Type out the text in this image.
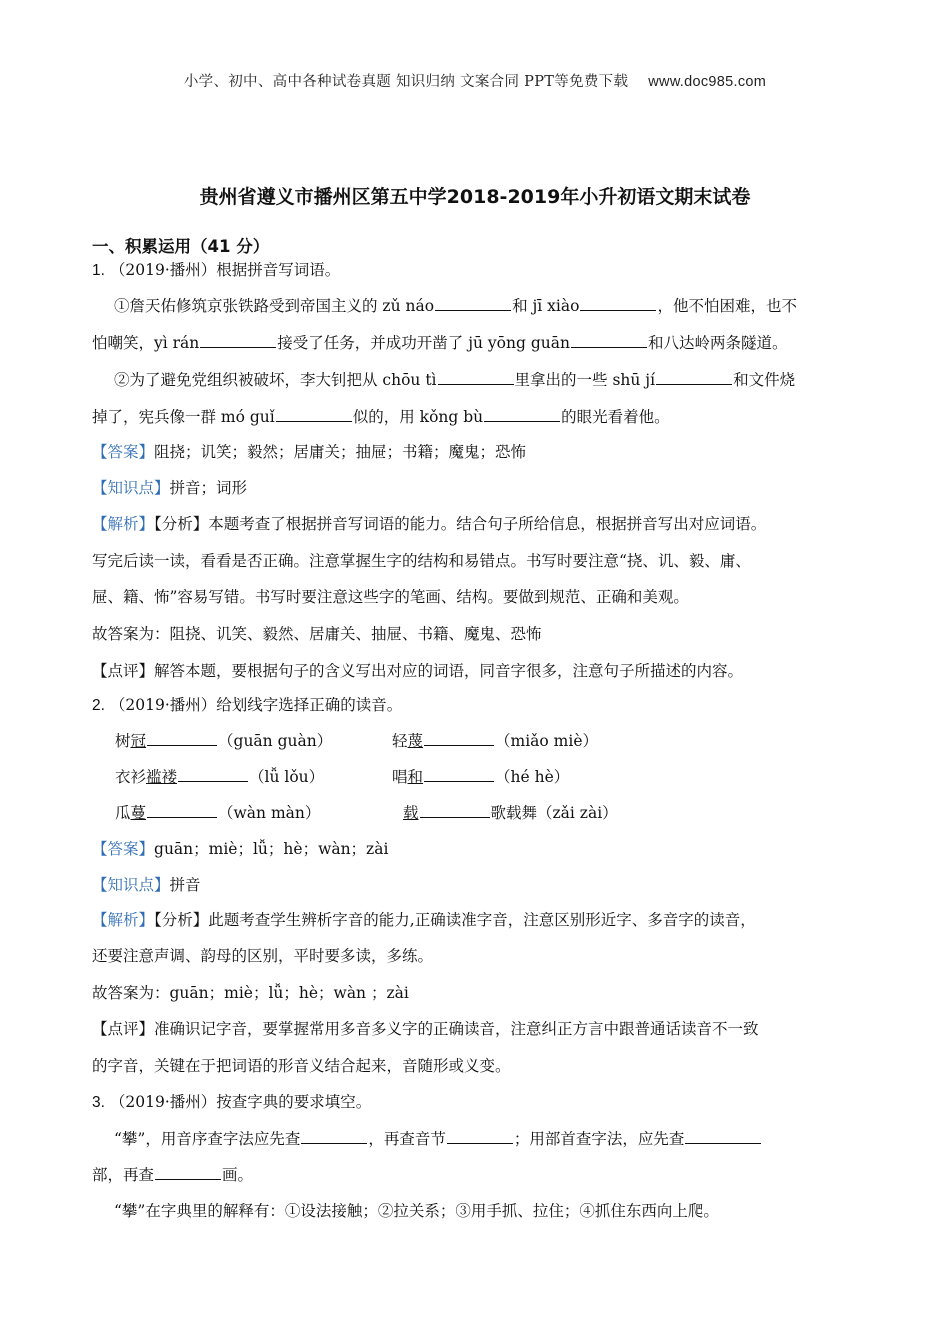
小学、初中、高中各种试卷真题 知识归纳 文案合同 PPT等免费下载 www.doc985.com
贵州省遵义市播州区第五中学2018-2019年小升初语文期末试卷
一、积累运用（41 分）
1. （2019·播州）根据拼音写词语。
①詹天佑修筑京张铁路受到帝国主义的 zǔ náo	和 jī xiào	，他不怕困难，也不
怕嘲笑，yì rán	接受了任务，并成功开凿了 jū yōng guān	和八达岭两条隧道。
②为了避免党组织被破坏，李大钊把从 chōu tì	里拿出的一些 shū jí	和文件烧
掉了，宪兵像一群 mó guǐ	似的，用 kǒng bù	的眼光看着他。
【答案】阻挠；讥笑；毅然；居庸关；抽屉；书籍；魔鬼；恐怖
【知识点】拼音；词形
【解析】【分析】本题考查了根据拼音写词语的能力。结合句子所给信息，根据拼音写出对应词语。
写完后读一读，看看是否正确。注意掌握生字的结构和易错点。书写时要注意“挠、讥、毅、庸、
屉、籍、怖”容易写错。书写时要注意这些字的笔画、结构。要做到规范、正确和美观。
故答案为：阻挠、讥笑、毅然、居庸关、抽屉、书籍、魔鬼、恐怖
【点评】解答本题，要根据句子的含义写出对应的词语，同音字很多，注意句子所描述的内容。
2. （2019·播州）给划线字选择正确的读音。
树冠	（guān guàn）	轻蔑	（miǎo miè）
衣衫褴褛	（lǚ lǒu）	唱和	（hé hè）
瓜蔓	（wàn màn）	载	歌载舞（zǎi zài）
【答案】guān；miè；lǚ；hè；wàn；zài
【知识点】拼音
【解析】【分析】此题考查学生辨析字音的能力,正确读准字音，注意区别形近字、多音字的读音，
还要注意声调、韵母的区别，平时要多读，多练。
故答案为：guān；miè；lǚ；hè；wàn ；zài
【点评】准确识记字音，要掌握常用多音多义字的正确读音，注意纠正方言中跟普通话读音不一致
的字音，关键在于把词语的形音义结合起来，音随形或义变。
3. （2019·播州）按查字典的要求填空。
“攀”，用音序查字法应先查	，再查音节	；用部首查字法，应先查
部，再查	画。
“攀”在字典里的解释有：①设法接触；②拉关系；③用手抓、拉住；④抓住东西向上爬。
